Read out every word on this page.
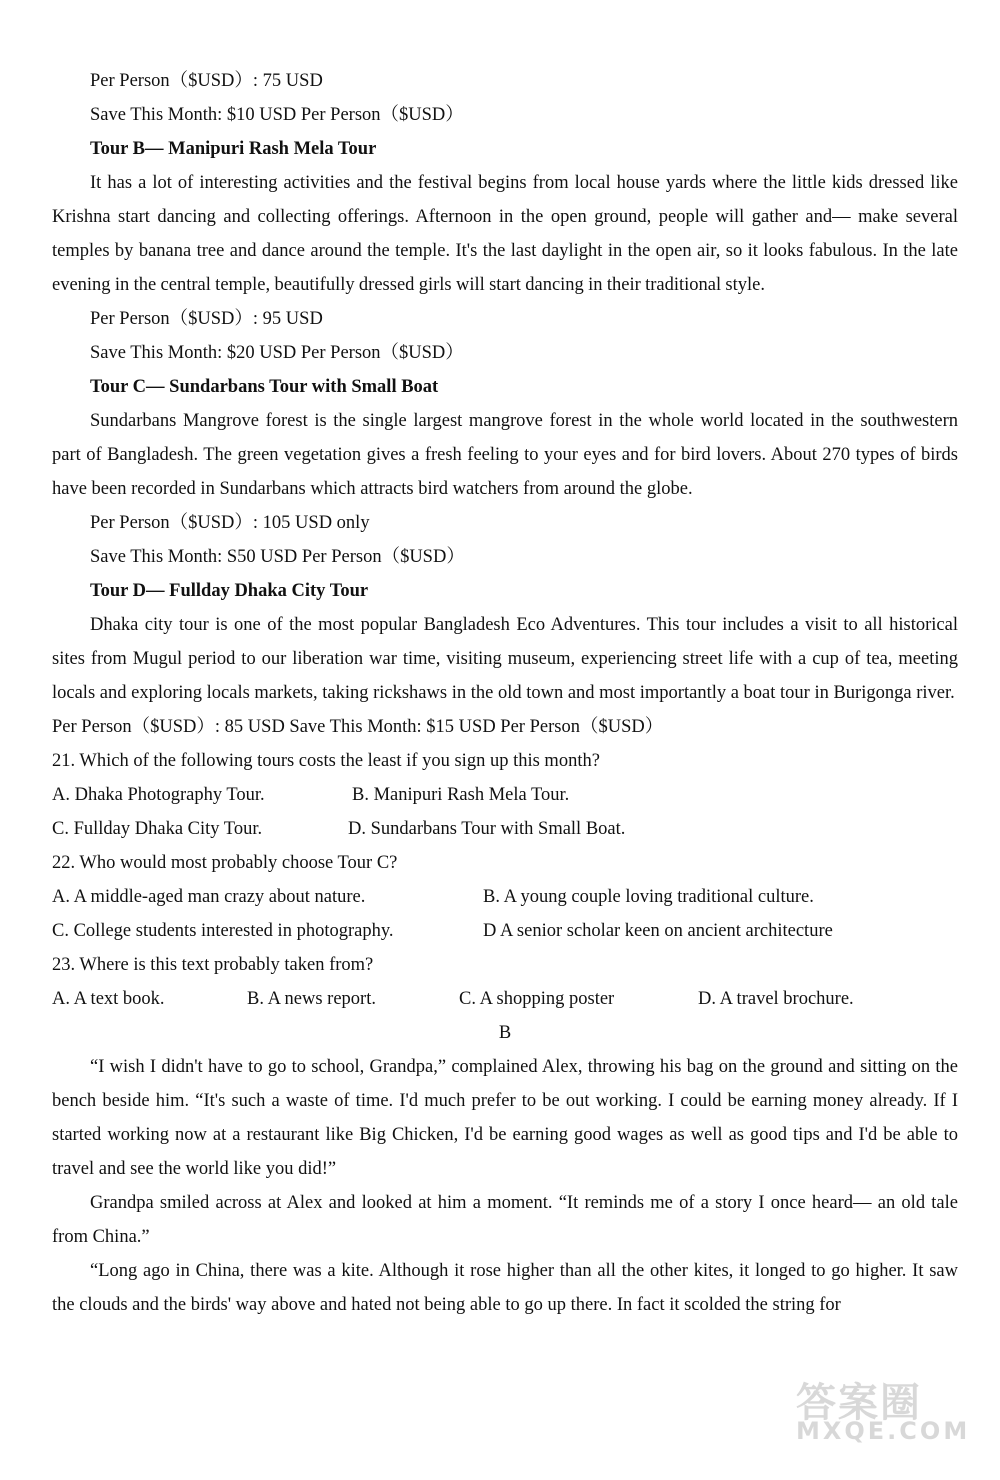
Per Person（$USD）: 75 USD

Save This Month: $10 USD Per Person（$USD）

Tour B— Manipuri Rash Mela Tour

It has a lot of interesting activities and the festival begins from local house yards where the little kids dressed like Krishna start dancing and collecting offerings. Afternoon in the open ground, people will gather and— make several temples by banana tree and dance around the temple. It's the last daylight in the open air, so it looks fabulous. In the late evening in the central temple, beautifully dressed girls will start dancing in their traditional style.

Per Person（$USD）: 95 USD

Save This Month: $20 USD Per Person（$USD）

Tour C— Sundarbans Tour with Small Boat

Sundarbans Mangrove forest is the single largest mangrove forest in the whole world located in the southwestern part of Bangladesh. The green vegetation gives a fresh feeling to your eyes and for bird lovers. About 270 types of birds have been recorded in Sundarbans which attracts bird watchers from around the globe.

Per Person（$USD）: 105 USD only

Save This Month: S50 USD Per Person（$USD）

Tour D— Fullday Dhaka City Tour

Dhaka city tour is one of the most popular Bangladesh Eco Adventures. This tour includes a visit to all historical sites from Mugul period to our liberation war time, visiting museum, experiencing street life with a cup of tea, meeting locals and exploring locals markets, taking rickshaws in the old town and most importantly a boat tour in Burigonga river.

Per Person（$USD）: 85 USD Save This Month: $15 USD Per Person（$USD）

21. Which of the following tours costs the least if you sign up this month?

A. Dhaka Photography Tour.	B. Manipuri Rash Mela Tour.
C. Fullday Dhaka City Tour.	D. Sundarbans Tour with Small Boat.

22. Who would most probably choose Tour C?

A. A middle-aged man crazy about nature.	B. A young couple loving traditional culture.
C. College students interested in photography.	D A senior scholar keen on ancient architecture

23. Where is this text probably taken from?

A. A text book.	B. A news report.	C. A shopping poster	D. A travel brochure.

B

“I wish I didn't have to go to school, Grandpa,” complained Alex, throwing his bag on the ground and sitting on the bench beside him. “It's such a waste of time. I'd much prefer to be out working. I could be earning money already. If I started working now at a restaurant like Big Chicken, I'd be earning good wages as well as good tips and I'd be able to travel and see the world like you did!”

Grandpa smiled across at Alex and looked at him a moment. “It reminds me of a story I once heard— an old tale from China.”

“Long ago in China, there was a kite. Although it rose higher than all the other kites, it longed to go higher. It saw the clouds and the birds' way above and hated not being able to go up there. In fact it scolded the string for

答案圈
MXQE.COM
